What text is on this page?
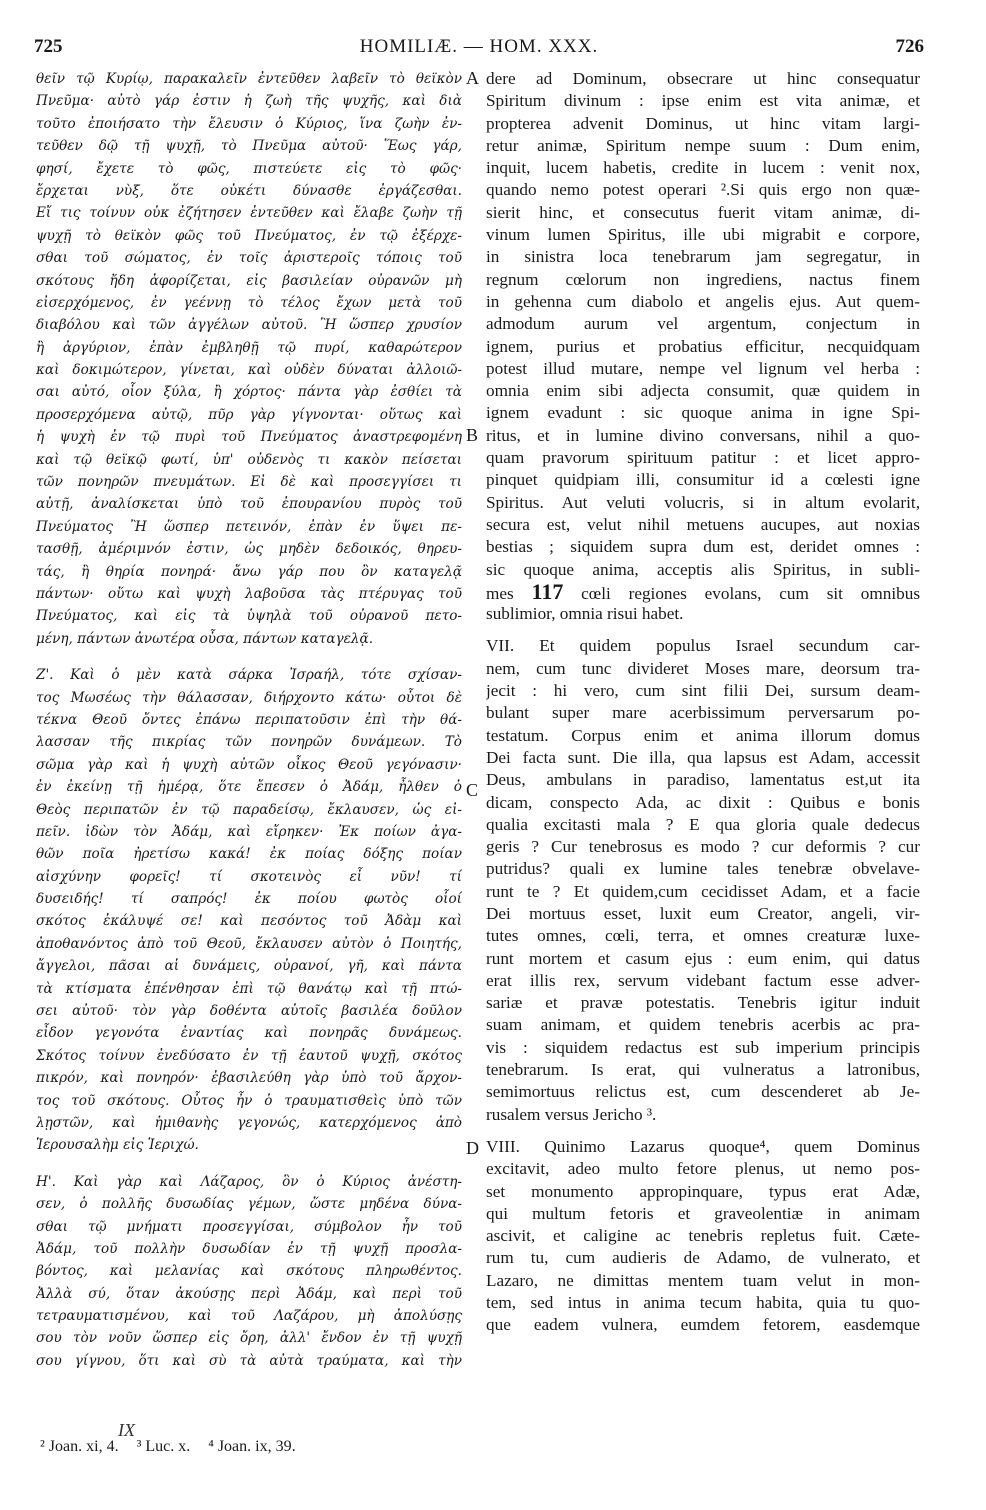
725	HOMILIÆ. — HOM. XXX.	726
θεῖν τῷ Κυρίῳ, παρακαλεῖν ἐντεῦθεν λαβεῖν τὸ θεϊκὸν
Πνεῦμα· αὐτὸ γάρ ἐστιν ἡ ζωὴ τῆς ψυχῆς, καὶ διὰ
τοῦτο ἐποιήσατο τὴν ἔλευσιν ὁ Κύριος, ἵνα ζωὴν ἐν-
τεῦθεν δῷ τῇ ψυχῇ, τὸ Πνεῦμα αὐτοῦ· Ἕως γάρ,
φησί, ἔχετε τὸ φῶς, πιστεύετε εἰς τὸ φῶς·
ἔρχεται νὺξ, ὅτε οὐκέτι δύνασθε ἐργάζεσθαι.
Εἴ τις τοίνυν οὐκ ἐζήτησεν ἐντεῦθεν καὶ ἔλαβε ζωὴν τῇ
ψυχῇ τὸ θεϊκὸν φῶς τοῦ Πνεύματος, ἐν τῷ ἐξέρχε-
σθαι τοῦ σώματος, ἐν τοῖς ἀριστεροῖς τόποις τοῦ
σκότους ἤδη ἀφορίζεται, εἰς βασιλείαν οὐρανῶν μὴ
εἰσερχόμενος, ἐν γεέννῃ τὸ τέλος ἔχων μετὰ τοῦ
διαβόλου καὶ τῶν ἀγγέλων αὐτοῦ. Ἢ ὥσπερ χρυσίον
ἢ ἀργύριον, ἐπὰν ἐμβληθῇ τῷ πυρί, καθαρώτερον
καὶ δοκιμώτερον, γίνεται, καὶ οὐδὲν δύναται ἀλλοιῶ-
σαι αὐτό, οἷον ξύλα, ἢ χόρτος· πάντα γὰρ ἐσθίει τὰ
προσερχόμενα αὐτῷ, πῦρ γὰρ γίγνονται· οὕτως καὶ
ἡ ψυχὴ ἐν τῷ πυρὶ τοῦ Πνεύματος ἀναστρεφομένη
καὶ τῷ θεϊκῷ φωτί, ὑπ' οὐδενὸς τι κακὸν πείσεται
τῶν πονηρῶν πνευμάτων. Εἰ δὲ καὶ προσεγγίσει τι
αὐτῇ, ἀναλίσκεται ὑπὸ τοῦ ἐπουρανίου πυρὸς τοῦ
Πνεύματος Ἢ ὥσπερ πετεινόν, ἐπὰν ἐν ὕψει πε-
τασθῇ, ἀμέριμνόν ἐστιν, ὡς μηδὲν δεδοικός, θηρευ-
τάς, ἢ θηρία πονηρά· ἄνω γάρ που ὂν καταγελᾷ
πάντων· οὕτω καὶ ψυχὴ λαβοῦσα τὰς πτέρυγας τοῦ
Πνεύματος, καὶ εἰς τὰ ὑψηλὰ τοῦ οὐρανοῦ πετο-
μένη, πάντων ἀνωτέρα οὖσα, πάντων καταγελᾷ.
Ζ'. Καὶ ὁ μὲν κατὰ σάρκα Ἰσραήλ, τότε σχίσαν-
τος Μωσέως τὴν θάλασσαν, διήρχοντο κάτω· οὗτοι δὲ
τέκνα Θεοῦ ὄντες ἐπάνω περιπατοῦσιν ἐπὶ τὴν θά-
λασσαν τῆς πικρίας τῶν πονηρῶν δυνάμεων. Τὸ
σῶμα γὰρ καὶ ἡ ψυχὴ αὐτῶν οἶκος Θεοῦ γεγόνασιν·
ἐν ἐκείνῃ τῇ ἡμέρᾳ, ὅτε ἔπεσεν ὁ Ἀδάμ, ἦλθεν ὁ
Θεὸς περιπατῶν ἐν τῷ παραδείσῳ, ἔκλαυσεν, ὡς εἰ-
πεῖν. ἰδὼν τὸν Ἀδάμ, καὶ εἴρηκεν· Ἐκ ποίων ἀγα-
θῶν ποῖα ἠρετίσω κακά! ἐκ ποίας δόξης ποίαν
αἰσχύνην φορεῖς! τί σκοτεινὸς εἶ νῦν! τί
δυσειδής! τί σαπρός! ἐκ ποίου φωτὸς οἷοί
σκότος ἐκάλυψέ σε! καὶ πεσόντος τοῦ Ἀδὰμ καὶ
ἀποθανόντος ἀπὸ τοῦ Θεοῦ, ἔκλαυσεν αὐτὸν ὁ Ποιητής,
ἄγγελοι, πᾶσαι αἱ δυνάμεις, οὐρανοί, γῆ, καὶ πάντα
τὰ κτίσματα ἐπένθησαν ἐπὶ τῷ θανάτῳ καὶ τῇ πτώ-
σει αὐτοῦ· τὸν γὰρ δοθέντα αὐτοῖς βασιλέα δοῦλον
εἶδον γεγονότα ἐναντίας καὶ πονηρᾶς δυνάμεως.
Σκότος τοίνυν ἐνεδύσατο ἐν τῇ ἑαυτοῦ ψυχῇ, σκότος
πικρόν, καὶ πονηρόν· ἐβασιλεύθη γὰρ ὑπὸ τοῦ ἄρχον-
τος τοῦ σκότους. Οὗτος ἦν ὁ τραυματισθεὶς ὑπὸ τῶν
λῃστῶν, καὶ ἡμιθανὴς γεγονώς, κατερχόμενος ἀπὸ
Ἱερουσαλὴμ εἰς Ἱεριχώ.
Η'. Καὶ γὰρ καὶ Λάζαρος, ὃν ὁ Κύριος ἀνέστη-
σεν, ὁ πολλῆς δυσωδίας γέμων, ὥστε μηδένα δύνα-
σθαι τῷ μνήματι προσεγγίσαι, σύμβολον ἦν τοῦ
Ἀδάμ, τοῦ πολλὴν δυσωδίαν ἐν τῇ ψυχῇ προσλα-
βόντος, καὶ μελανίας καὶ σκότους πληρωθέντος.
Ἀλλὰ σύ, ὅταν ἀκούσῃς περὶ Ἀδάμ, καὶ περὶ τοῦ
τετραυματισμένου, καὶ τοῦ Λαζάρου, μὴ ἀπολύσῃς
σου τὸν νοῦν ὥσπερ εἰς ὄρη, ἀλλ' ἔνδον ἐν τῇ ψυχῇ
σου γίγνου, ὅτι καὶ σὺ τὰ αὐτὰ τραύματα, καὶ τὴν
dere ad Dominum, obsecrare ut hinc consequatur
Spiritum divinum : ipse enim est vita animæ, et
propterea advenit Dominus, ut hinc vitam largi-
retur animæ, Spiritum nempe suum : Dum enim,
inquit, lucem habetis, credite in lucem : venit nox,
quando nemo potest operari ².Si quis ergo non quæ-
sierit hinc, et consecutus fuerit vitam animæ, di-
vinum lumen Spiritus, ille ubi migrabit e corpore,
in sinistra loca tenebrarum jam segregatur, in
regnum cœlorum non ingrediens, nactus finem
in gehenna cum diabolo et angelis ejus. Aut quem-
admodum aurum vel argentum, conjectum in
ignem, purius et probatius efficitur, necquidquam
potest illud mutare, nempe vel lignum vel herba :
omnia enim sibi adjecta consumit, quæ quidem in
ignem evadunt : sic quoque anima in igne Spi-
ritus, et in lumine divino conversans, nihil a quo-
quam pravorum spirituum patitur : et licet appro-
pinquet quidpiam illi, consumitur id a cœlesti igne
Spiritus. Aut veluti volucris, si in altum evolarit,
secura est, velut nihil metuens aucupes, aut noxias
bestias ; siquidem supra dum est, deridet omnes :
sic quoque anima, acceptis alis Spiritus, in subli-
mes 117 cœli regiones evolans, cum sit omnibus
sublimior, omnia risui habet.
VII. Et quidem populus Israel secundum car-
nem, cum tunc divideret Moses mare, deorsum tra-
jecit : hi vero, cum sint filii Dei, sursum deam-
bulant super mare acerbissimum perversarum po-
testatum. Corpus enim et anima illorum domus
Dei facta sunt. Die illa, qua lapsus est Adam, accessit
Deus, ambulans in paradiso, lamentatus est,ut ita
dicam, conspecto Ada, ac dixit : Quibus e bonis
qualia excitasti mala ? E qua gloria quale dedecus
geris ? Cur tenebrosus es modo ? cur deformis ? cur
putridus? quali ex lumine tales tenebræ obvelave-
runt te ? Et quidem,cum cecidisset Adam, et a facie
Dei mortuus esset, luxit eum Creator, angeli, vir-
tutes omnes, cœli, terra, et omnes creaturæ luxe-
runt mortem et casum ejus : eum enim, qui datus
erat illis rex, servum videbant factum esse adver-
sariæ et pravæ potestatis. Tenebris igitur induit
suam animam, et quidem tenebris acerbis ac pra-
vis : siquidem redactus est sub imperium principis
tenebrarum. Is erat, qui vulneratus a latronibus,
semimortuus relictus est, cum descenderet ab Je-
rusalem versus Jericho ³.
VIII. Quinimo Lazarus quoque⁴, quem Dominus
excitavit, adeo multo fetore plenus, ut nemo pos-
set monumento appropinquare, typus erat Adæ,
qui multum fetoris et graveolentiæ in animam
ascivit, et caligine ac tenebris repletus fuit. Cæte-
rum tu, cum audieris de Adamo, de vulnerato, et
Lazaro, ne dimittas mentem tuam velut in mon-
tem, sed intus in anima tecum habita, quia tu quo-
que eadem vulnera, eumdem fetorem, easdemque
A
B
C
D
IX
² Joan. xi, 4. ³ Luc. x. ⁴ Joan. ix, 39.
